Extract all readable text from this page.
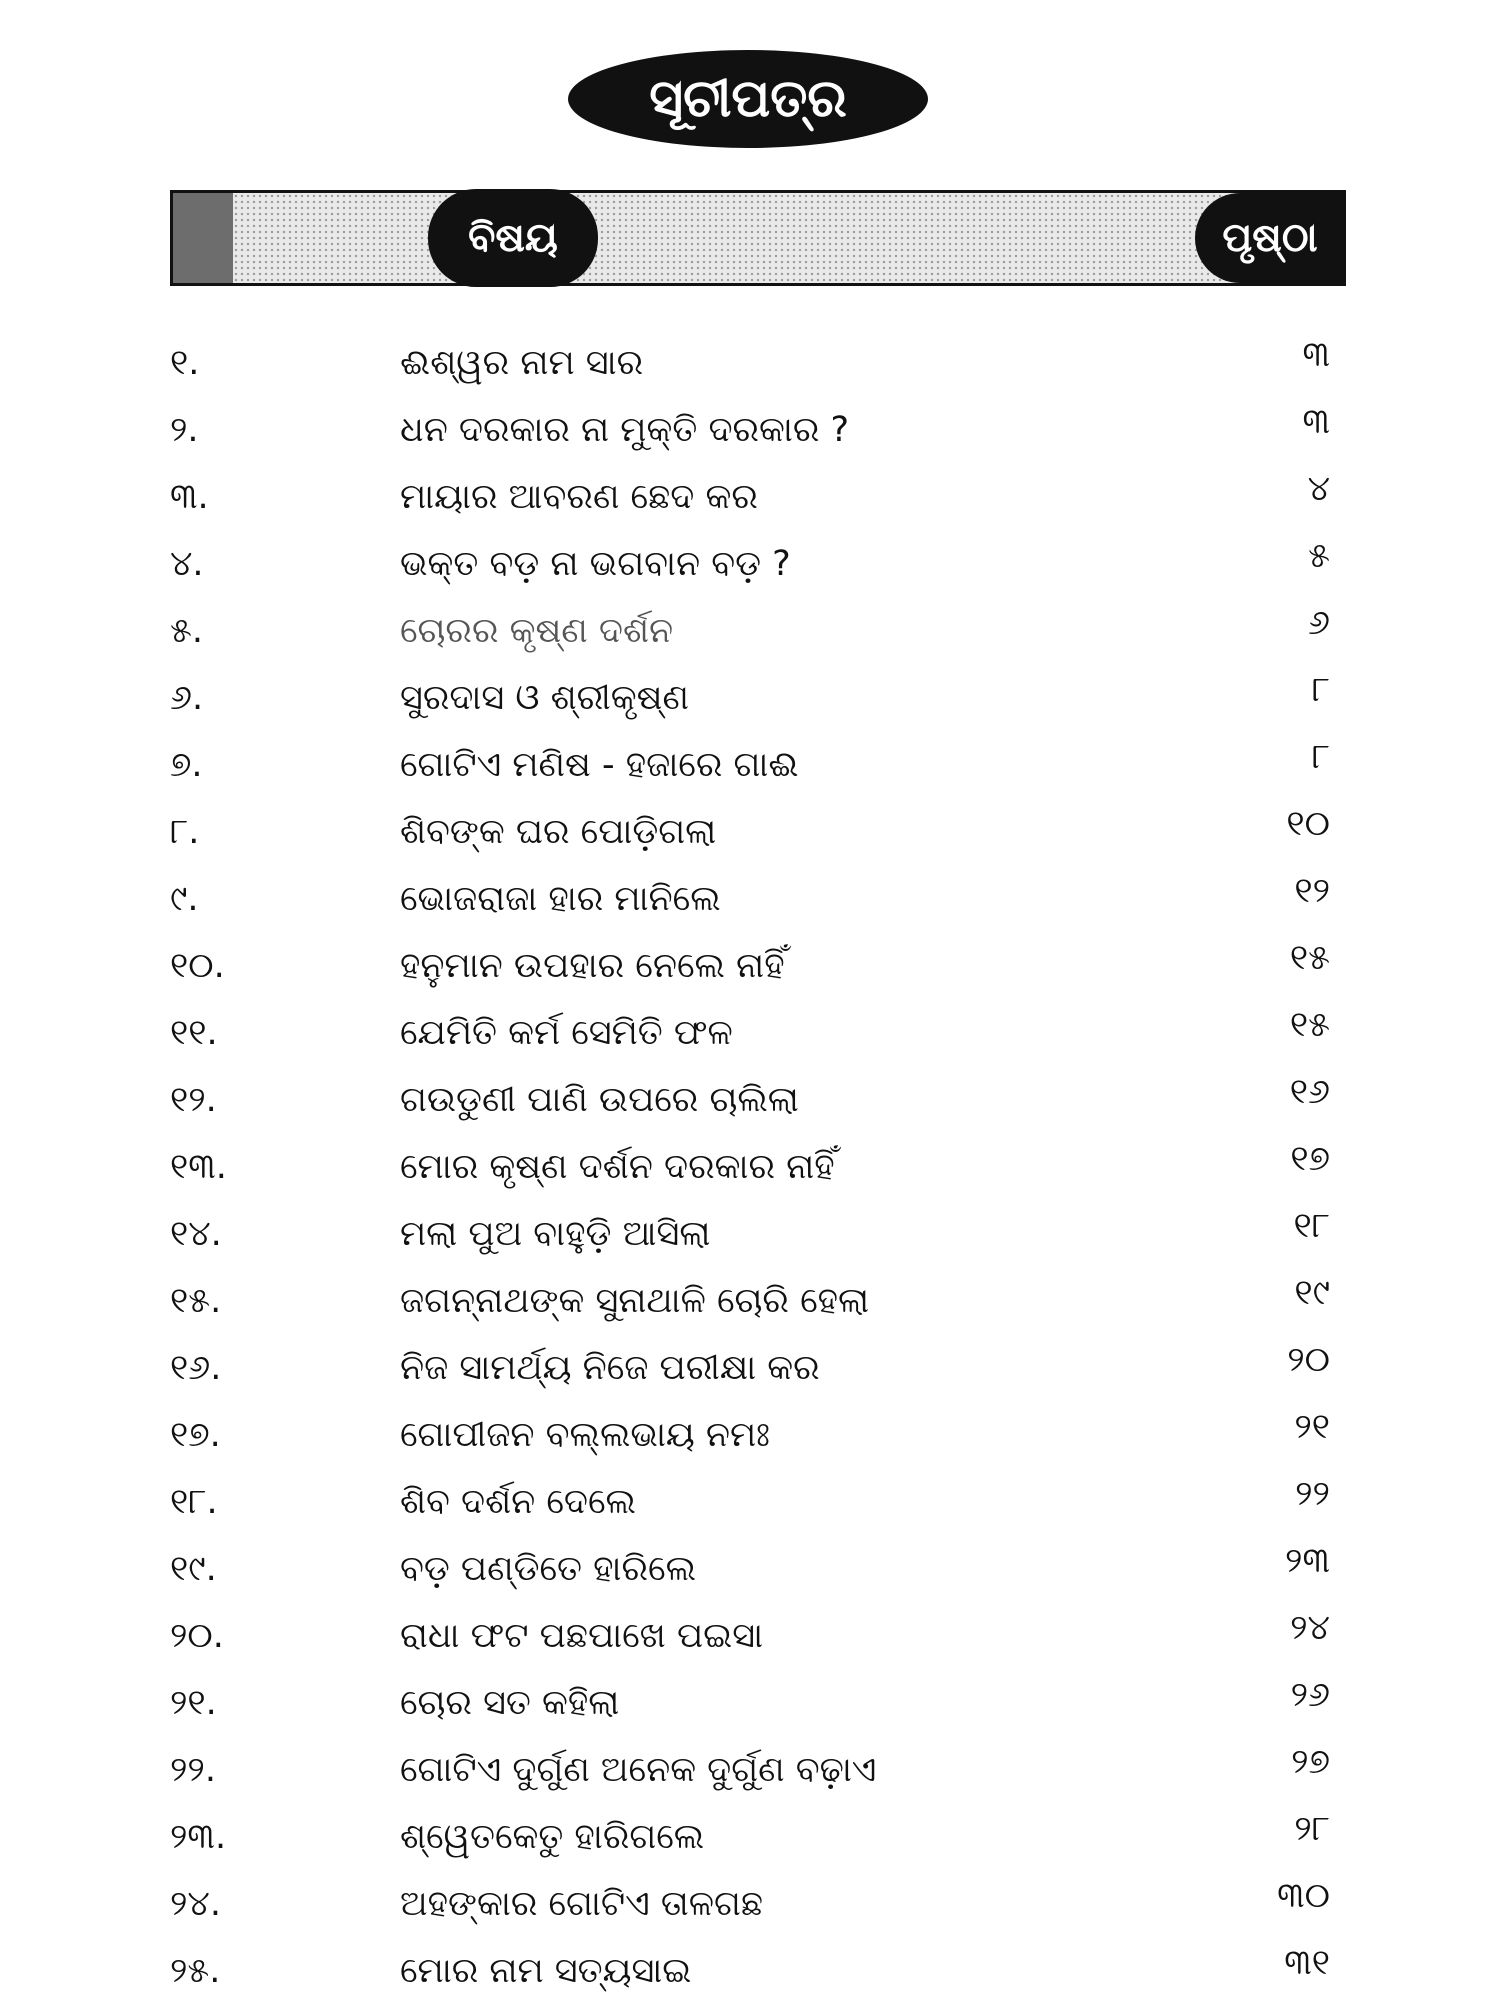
ସୂଚୀପତ୍ର
ବିଷୟ	ପୃଷ୍ଠା
୧.	ଈଶ୍ୱର ନାମ ସାର	୩
୨.	ଧନ ଦରକାର ନା ମୁକ୍ତି ଦରକାର ?	୩
୩.	ମାୟାର ଆବରଣ ଛେଦ କର	୪
୪.	ଭକ୍ତ ବଡ଼ ନା ଭଗବାନ ବଡ଼ ?	୫
୫.	ଚୋରର କୃଷ୍ଣ ଦର୍ଶନ	୬
୬.	ସୁରଦାସ ଓ ଶ୍ରୀକୃଷ୍ଣ	୮
୭.	ଗୋଟିଏ ମଣିଷ - ହଜାରେ ଗାଈ	୮
୮.	ଶିବଙ୍କ ଘର ପୋଡ଼ିଗଲା	୧୦
୯.	ଭୋଜରାଜା ହାର ମାନିଲେ	୧୨
୧୦.	ହନୁମାନ ଉପହାର ନେଲେ ନାହିଁ	୧୫
୧୧.	ଯେମିତି କର୍ମ ସେମିତି ଫଳ	୧୫
୧୨.	ଗଉଡୁଣୀ ପାଣି ଉପରେ ଚାଲିଲା	୧୬
୧୩.	ମୋର କୃଷ୍ଣ ଦର୍ଶନ ଦରକାର ନାହିଁ	୧୭
୧୪.	ମଲା ପୁଅ ବାହୁଡ଼ି ଆସିଲା	୧୮
୧୫.	ଜଗନ୍ନାଥଙ୍କ ସୁନାଥାଳି ଚୋରି ହେଲା	୧୯
୧୬.	ନିଜ ସାମର୍ଥ୍ୟ ନିଜେ ପରୀକ୍ଷା କର	୨୦
୧୭.	ଗୋପୀଜନ ବଲ୍ଲଭାୟ ନମଃ	୨୧
୧୮.	ଶିବ ଦର୍ଶନ ଦେଲେ	୨୨
୧୯.	ବଡ଼ ପଣ୍ଡିତେ ହାରିଲେ	୨୩
୨୦.	ରାଧା ଫଟ ପଛପାଖେ ପଇସା	୨୪
୨୧.	ଚୋର ସତ କହିଲା	୨୬
୨୨.	ଗୋଟିଏ ଦୁର୍ଗୁଣ ଅନେକ ଦୁର୍ଗୁଣ ବଢ଼ାଏ	୨୭
୨୩.	ଶ୍ୱେତକେତୁ ହାରିଗଲେ	୨୮
୨୪.	ଅହଙ୍କାର ଗୋଟିଏ ତାଳଗଛ	୩୦
୨୫.	ମୋର ନାମ ସତ୍ୟସାଇ	୩୧
